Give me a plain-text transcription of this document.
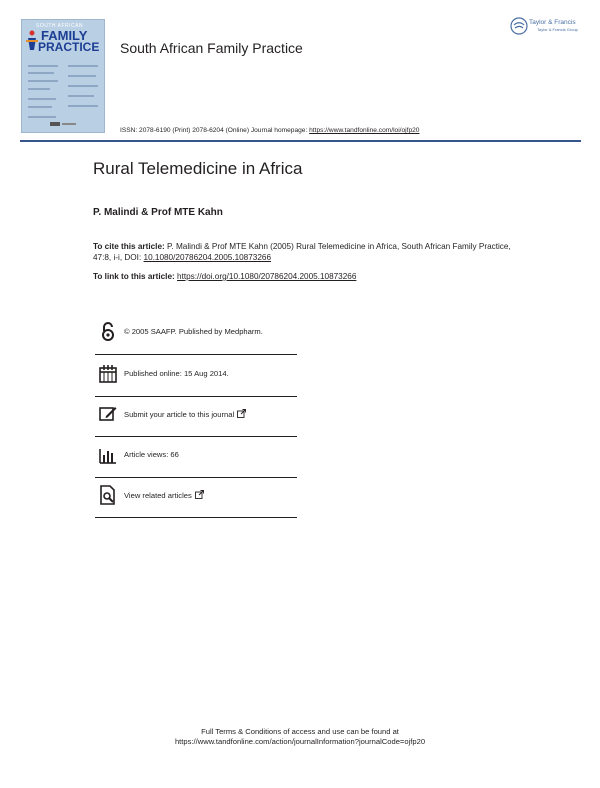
SOUTH AFRICAN
FAMILY
PRACTICE South African Family Practice
Taylor & Francis
Taylor & Francis Group
ISSN: 2078-6190 (Print) 2078-6204 (Online) Journal homepage: https://www.tandfonline.com/loi/ojfp20
Rural Telemedicine in Africa
P. Malindi & Prof MTE Kahn
To cite this article: P. Malindi & Prof MTE Kahn (2005) Rural Telemedicine in Africa, South African Family Practice, 47:8, i-i, DOI: 10.1080/20786204.2005.10873266
To link to this article: https://doi.org/10.1080/20786204.2005.10873266
© 2005 SAAFP. Published by Medpharm.
Published online: 15 Aug 2014.
Submit your article to this journal
Article views: 66
View related articles
Full Terms & Conditions of access and use can be found at
https://www.tandfonline.com/action/journalInformation?journalCode=ojfp20
